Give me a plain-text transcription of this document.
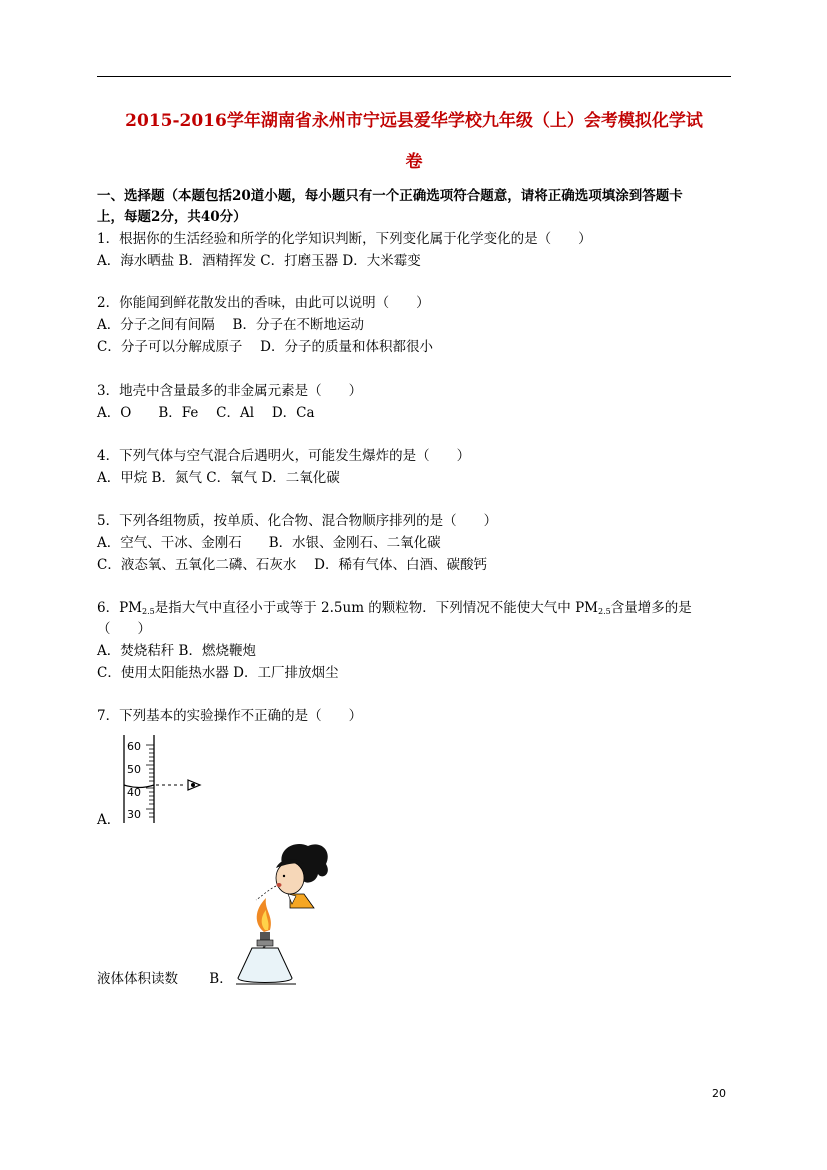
2015-2016学年湖南省永州市宁远县爱华学校九年级（上）会考模拟化学试
卷
一、选择题（本题包括20道小题，每小题只有一个正确选项符合题意，请将正确选项填涂到答题卡
上，每题2分，共40分）
1．根据你的生活经验和所学的化学知识判断，下列变化属于化学变化的是（　　）
A．海水晒盐 B．酒精挥发 C．打磨玉器 D．大米霉变
2．你能闻到鲜花散发出的香味，由此可以说明（　　）
A．分子之间有间隔　 B．分子在不断地运动
C．分子可以分解成原子　 D．分子的质量和体积都很小
3．地壳中含量最多的非金属元素是（　　）
A．O　　B．Fe　 C．Al　 D．Ca
4．下列气体与空气混合后遇明火，可能发生爆炸的是（　　）
A．甲烷 B．氮气 C．氧气 D．二氧化碳
5．下列各组物质，按单质、化合物、混合物顺序排列的是（　　）
A．空气、干冰、金刚石　　B．水银、金刚石、二氧化碳
C．液态氧、五氧化二磷、石灰水　 D．稀有气体、白酒、碳酸钙
6．$PM_{2.5}$是指大气中直径小于或等于 2.5um 的颗粒物．下列情况不能使大气中 $PM_{2.5}$含量增多的是
（　　）
A．焚烧秸秆 B．燃烧鞭炮
C．使用太阳能热水器 D．工厂排放烟尘
7．下列基本的实验操作不正确的是（　　）
60
50
40
30
A．
液体体积读数　　 B．
20
